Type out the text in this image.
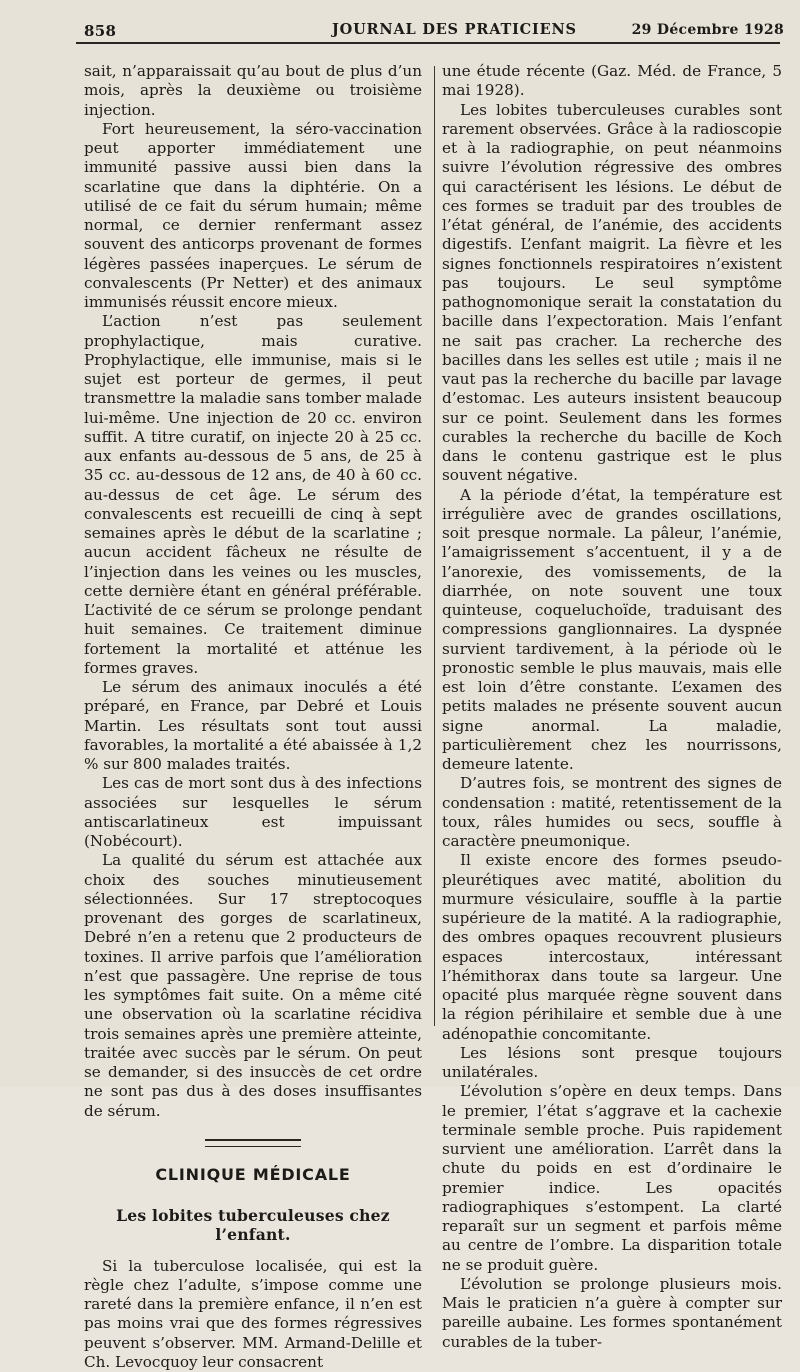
858	JOURNAL DES PRATICIENS	29 Décembre 1928

sait, n’apparaissait qu’au bout de plus d’un mois, après la deuxième ou troisième injection.

Fort heureusement, la séro-vaccination peut apporter immédiatement une immunité passive aussi bien dans la scarlatine que dans la diphtérie. On a utilisé de ce fait du sérum humain; même normal, ce dernier renfermant assez souvent des anticorps provenant de formes légères passées inaperçues. Le sérum de convalescents (Pr Netter) et des animaux immunisés réussit encore mieux.

L’action n’est pas seulement prophylactique, mais curative. Prophylactique, elle immunise, mais si le sujet est porteur de germes, il peut transmettre la maladie sans tomber malade lui-même. Une injection de 20 cc. environ suffit. A titre curatif, on injecte 20 à 25 cc. aux enfants au-dessous de 5 ans, de 25 à 35 cc. au-dessous de 12 ans, de 40 à 60 cc. au-dessus de cet âge. Le sérum des convalescents est recueilli de cinq à sept semaines après le début de la scarlatine ; aucun accident fâcheux ne résulte de l’injection dans les veines ou les muscles, cette dernière étant en général préférable. L’activité de ce sérum se prolonge pendant huit semaines. Ce traitement diminue fortement la mortalité et atténue les formes graves.

Le sérum des animaux inoculés a été préparé, en France, par Debré et Louis Martin. Les résultats sont tout aussi favorables, la mortalité a été abaissée à 1,2 % sur 800 malades traités.

Les cas de mort sont dus à des infections associées sur lesquelles le sérum antiscarlatineux est impuissant (Nobécourt).

La qualité du sérum est attachée aux choix des souches minutieusement sélectionnées. Sur 17 streptocoques provenant des gorges de scarlatineux, Debré n’en a retenu que 2 producteurs de toxines. Il arrive parfois que l’amélioration n’est que passagère. Une reprise de tous les symptômes fait suite. On a même cité une observation où la scarlatine récidiva trois semaines après une première atteinte, traitée avec succès par le sérum. On peut se demander, si des insuccès de cet ordre ne sont pas dus à des doses insuffisantes de sérum.

CLINIQUE MÉDICALE
Les lobites tuberculeuses chez l’enfant.

Si la tuberculose localisée, qui est la règle chez l’adulte, s’impose comme une rareté dans la première enfance, il n’en est pas moins vrai que des formes régressives peuvent s’observer. MM. Armand-Delille et Ch. Levocquoy leur consacrent

une étude récente (Gaz. Méd. de France, 5 mai 1928).

Les lobites tuberculeuses curables sont rarement observées. Grâce à la radioscopie et à la radiographie, on peut néanmoins suivre l’évolution régressive des ombres qui caractérisent les lésions. Le début de ces formes se traduit par des troubles de l’état général, de l’anémie, des accidents digestifs. L’enfant maigrit. La fièvre et les signes fonctionnels respiratoires n’existent pas toujours. Le seul symptôme pathognomonique serait la constatation du bacille dans l’expectoration. Mais l’enfant ne sait pas cracher. La recherche des bacilles dans les selles est utile ; mais il ne vaut pas la recherche du bacille par lavage d’estomac. Les auteurs insistent beaucoup sur ce point. Seulement dans les formes curables la recherche du bacille de Koch dans le contenu gastrique est le plus souvent négative.

A la période d’état, la température est irrégulière avec de grandes oscillations, soit presque normale. La pâleur, l’anémie, l’amaigrissement s’accentuent, il y a de l’anorexie, des vomissements, de la diarrhée, on note souvent une toux quinteuse, coqueluchoïde, traduisant des compressions ganglionnaires. La dyspnée survient tardivement, à la période où le pronostic semble le plus mauvais, mais elle est loin d’être constante. L’examen des petits malades ne présente souvent aucun signe anormal. La maladie, particulièrement chez les nourrissons, demeure latente.

D’autres fois, se montrent des signes de condensation : matité, retentissement de la toux, râles humides ou secs, souffle à caractère pneumonique.

Il existe encore des formes pseudo-pleurétiques avec matité, abolition du murmure vésiculaire, souffle à la partie supérieure de la matité. A la radiographie, des ombres opaques recouvrent plusieurs espaces intercostaux, intéressant l’hémithorax dans toute sa largeur. Une opacité plus marquée règne souvent dans la région périhilaire et semble due à une adénopathie concomitante.

Les lésions sont presque toujours unilatérales.

L’évolution s’opère en deux temps. Dans le premier, l’état s’aggrave et la cachexie terminale semble proche. Puis rapidement survient une amélioration. L’arrêt dans la chute du poids en est d’ordinaire le premier indice. Les opacités radiographiques s’estompent. La clarté reparaît sur un segment et parfois même au centre de l’ombre. La disparition totale ne se produit guère.

L’évolution se prolonge plusieurs mois. Mais le praticien n’a guère à compter sur pareille aubaine. Les formes spontanément curables de la tuber-
